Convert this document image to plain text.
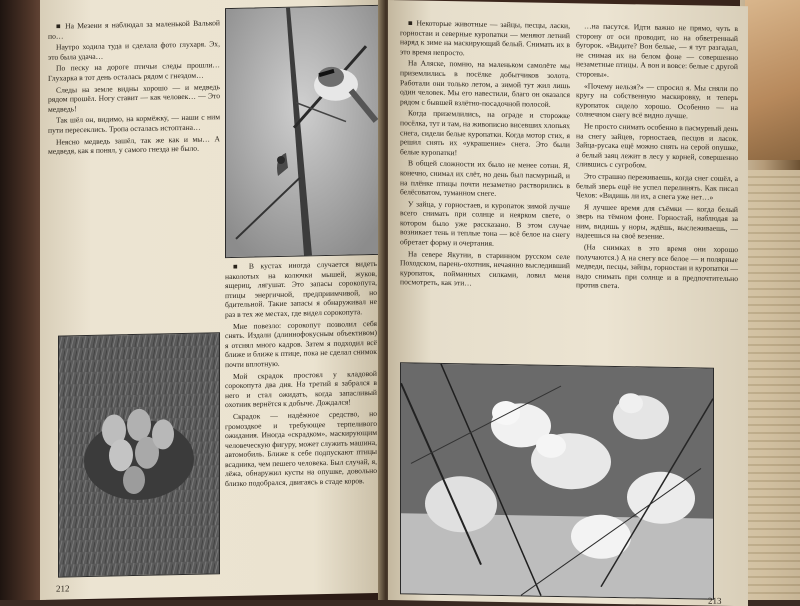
■ На Мезени я наблюдал за маленькой Валькой по…

Наутро ходила туда и сделала фото глухаря. Эх, это была удача…

По песку на дороге птичьи следы прошли… Глухарка в тот день осталась рядом с гнездом…

Следы на земле видны хорошо — и медведь рядом прошёл. Ногу ставит — как человек… — Это медведь!

Так шёл он, видимо, на кормёжку, — наши с ним пути пересеклись. Тропа осталась истоптана…

Неясно медведь зашёл, так же как и мы… А медведя, как я понял, у самого гнезда не было.

■ В кустах иногда случается видеть наколотых на колючки мышей, жуков, ящериц, лягушат. Это запасы сорокопута, птицы энергичной, предприимчивой, но бдительной. Такие запасы я обнаруживал не раз в тех же местах, где видел сорокопута.

Мне повезло: сорокопут позволил себя снять. Издали (длиннофокусным объективом) я отснял много кадров. Затем я подходил всё ближе и ближе к птице, пока не сделал снимок почти вплотную.

Мой скрадок простоял у кладовой сорокопута два дня. На третий я забрался в него и стал ожидать, когда запасливый охотник вернётся к добыче. Дождался!

Скрадок — надёжное средство, но громоздкое и требующее терпеливого ожидания. Иногда «скрадком», маскирующим человеческую фигуру, может служить машина, автомобиль. Ближе к себе подпускают птицы всадника, чем пешего человека. Был случай, я, лёжа, обнаружил кусты на опушке, довольно близко подобрался, двигаясь в стаде коров.

212

■ Некоторые животные — зайцы, песцы, ласки, горностаи и северные куропатки — меняют летний наряд к зиме на маскирующий белый. Снимать их в это время непросто.

На Аляске, помню, на маленьком самолёте мы приземлились в посёлке добытчиков золота. Работали они только летом, а зимой тут жил лишь один человек. Мы его навестили, благо он оказался рядом с бывшей взлётно-посадочной полосой.

Когда приземлились, на ограде и сторожке посёлка, тут и там, на живописно висевших хлопьях снега, сидели белые куропатки. Когда мотор стих, я решил снять их «украшение» снега. Это были белые куропатки!

В общей сложности их было не менее сотни. Я, конечно, снимал их слёт, но день был пасмурный, и на плёнке птицы почти незаметно растворились в белёсоватом, туманном снеге.

У зайца, у горностаев, и куропаток зимой лучше всего снимать при солнце и неярком свете, о котором было уже рассказано. В этом случае возникает тень и теплые тона — всё белое на снегу обретает форму и очертания.

На севере Якутии, в старинном русском селе Походском, парень-охотник, нечаянно выследивший куропаток, пойманных силками, ловил меня посмотреть, как эти…

…на пасутся. Идти важно не прямо, чуть в сторону от оси проводит, но на обветренный бугорок. «Видите? Вон белые, — я тут разгадал, не снимая их на белом фоне — совершенно незаметные птицы. А вон и вовсе: белые с другой стороны».

«Почему нельзя?» — спросил я. Мы сняли по кругу на собственную маскировку, и теперь куропаток сидело хорошо. Особенно — на солнечном снегу всё видно лучше.

Не просто снимать особенно в пасмурный день на снегу зайцев, горностаев, песцов и ласок. Зайца-русака ещё можно снять на серой опушке, а белый заяц лежит в лесу у корней, совершенно слившись с сугробом.

Это страшно переживаешь, когда снег сошёл, а белый зверь ещё не успел перелинять. Как писал Чехов: «Видишь ли их, а снега уже нет…»

Я лучшее время для съёмки — когда белый зверь на тёмном фоне. Горностай, наблюдая за ним, видишь у норы, ждёшь, выслеживаешь, — надеешься на своё везение.

(На снимках в это время они хорошо получаются.) А на снегу все белое — и полярные медведи, песцы, зайцы, горностаи и куропатки — надо снимать при солнце и в предпочтительно против света.

213
